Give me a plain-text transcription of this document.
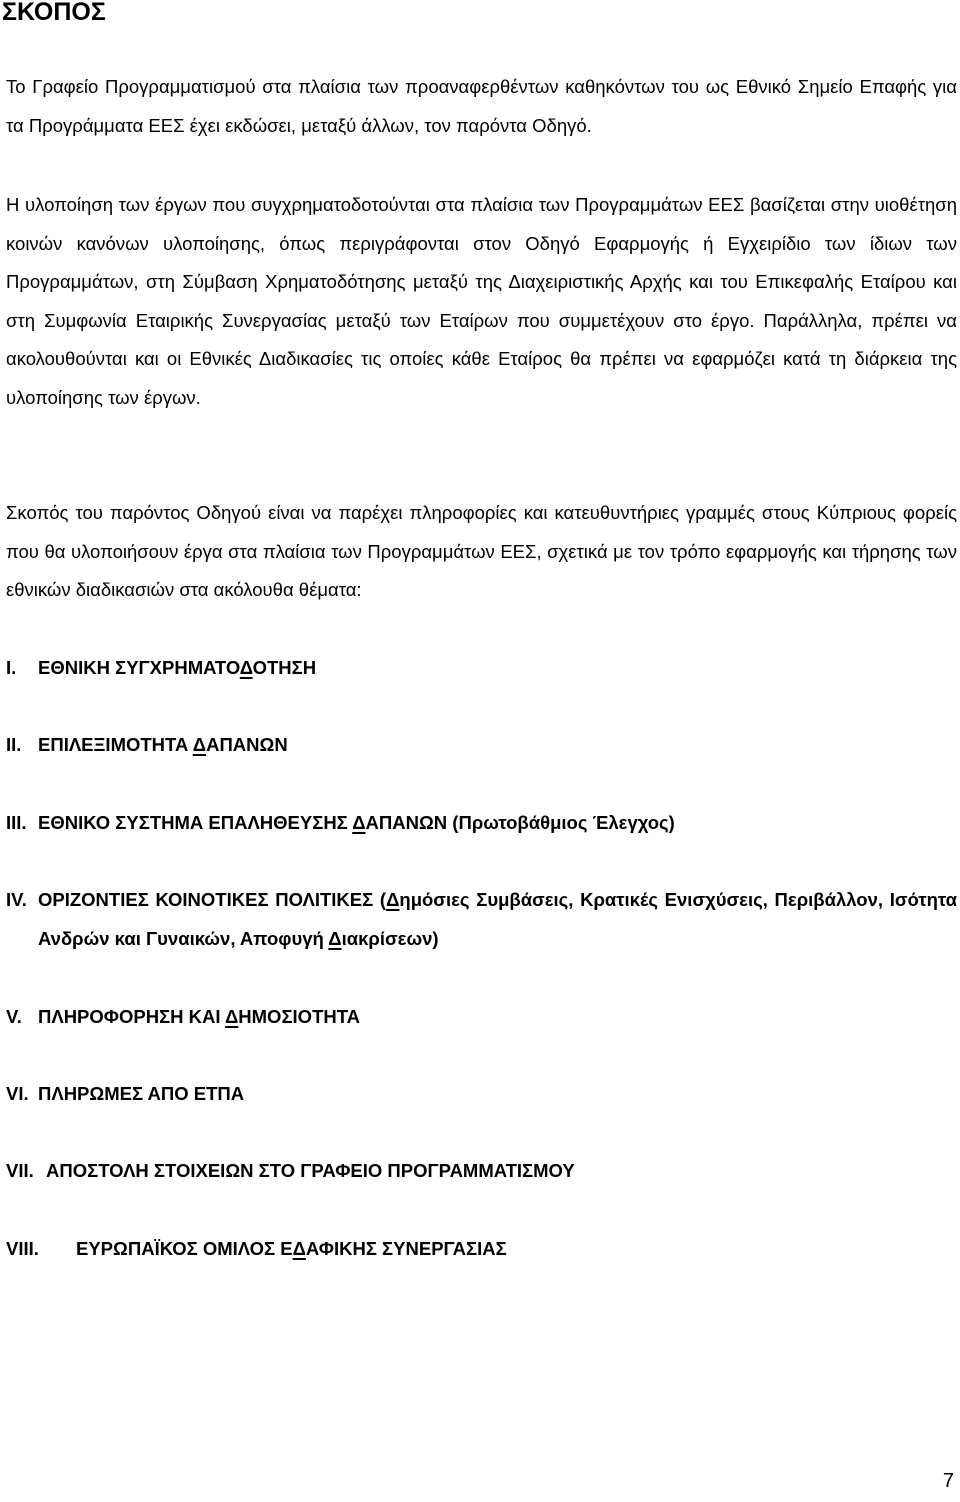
ΣΚΟΠΟΣ

Το Γραφείο Προγραμματισμού στα πλαίσια των προαναφερθέντων καθηκόντων του ως Εθνικό Σημείο Επαφής για τα Προγράμματα ΕΕΣ έχει εκδώσει, μεταξύ άλλων, τον παρόντα Οδηγό.

Η υλοποίηση των έργων που συγχρηματοδοτούνται στα πλαίσια των Προγραμμάτων ΕΕΣ βασίζεται στην υιοθέτηση κοινών κανόνων υλοποίησης, όπως περιγράφονται στον Οδηγό Εφαρμογής ή Εγχειρίδιο των ίδιων των Προγραμμάτων, στη Σύμβαση Χρηματοδότησης μεταξύ της Διαχειριστικής Αρχής και του Επικεφαλής Εταίρου και στη Συμφωνία Εταιρικής Συνεργασίας μεταξύ των Εταίρων που συμμετέχουν στο έργο. Παράλληλα, πρέπει να ακολουθούνται και οι Εθνικές Διαδικασίες τις οποίες κάθε Εταίρος θα πρέπει να εφαρμόζει κατά τη διάρκεια της υλοποίησης των έργων.

Σκοπός του παρόντος Οδηγού είναι να παρέχει πληροφορίες και κατευθυντήριες γραμμές στους Κύπριους φορείς που θα υλοποιήσουν έργα στα πλαίσια των Προγραμμάτων ΕΕΣ, σχετικά με τον τρόπο εφαρμογής και τήρησης των εθνικών διαδικασιών στα ακόλουθα θέματα:

I. ΕΘΝΙΚΗ ΣΥΓΧΡΗΜΑΤΟΔΟΤΗΣΗ
II. ΕΠΙΛΕΞΙΜΟΤΗΤΑ ΔΑΠΑΝΩΝ
III. ΕΘΝΙΚΟ ΣΥΣΤΗΜΑ ΕΠΑΛΗΘΕΥΣΗΣ ΔΑΠΑΝΩΝ (Πρωτοβάθμιος Έλεγχος)
IV. ΟΡΙΖΟΝΤΙΕΣ ΚΟΙΝΟΤΙΚΕΣ ΠΟΛΙΤΙΚΕΣ (Δημόσιες Συμβάσεις, Κρατικές Ενισχύσεις, Περιβάλλον, Ισότητα Ανδρών και Γυναικών, Αποφυγή Διακρίσεων)
V. ΠΛΗΡΟΦΟΡΗΣΗ ΚΑΙ ΔΗΜΟΣΙΟΤΗΤΑ
VI. ΠΛΗΡΩΜΕΣ ΑΠΟ ΕΤΠΑ
VII. ΑΠΟΣΤΟΛΗ ΣΤΟΙΧΕΙΩΝ ΣΤΟ ΓΡΑΦΕΙΟ ΠΡΟΓΡΑΜΜΑΤΙΣΜΟΥ
VIII. ΕΥΡΩΠΑΪΚΟΣ ΟΜΙΛΟΣ ΕΔΑΦΙΚΗΣ ΣΥΝΕΡΓΑΣΙΑΣ
7
